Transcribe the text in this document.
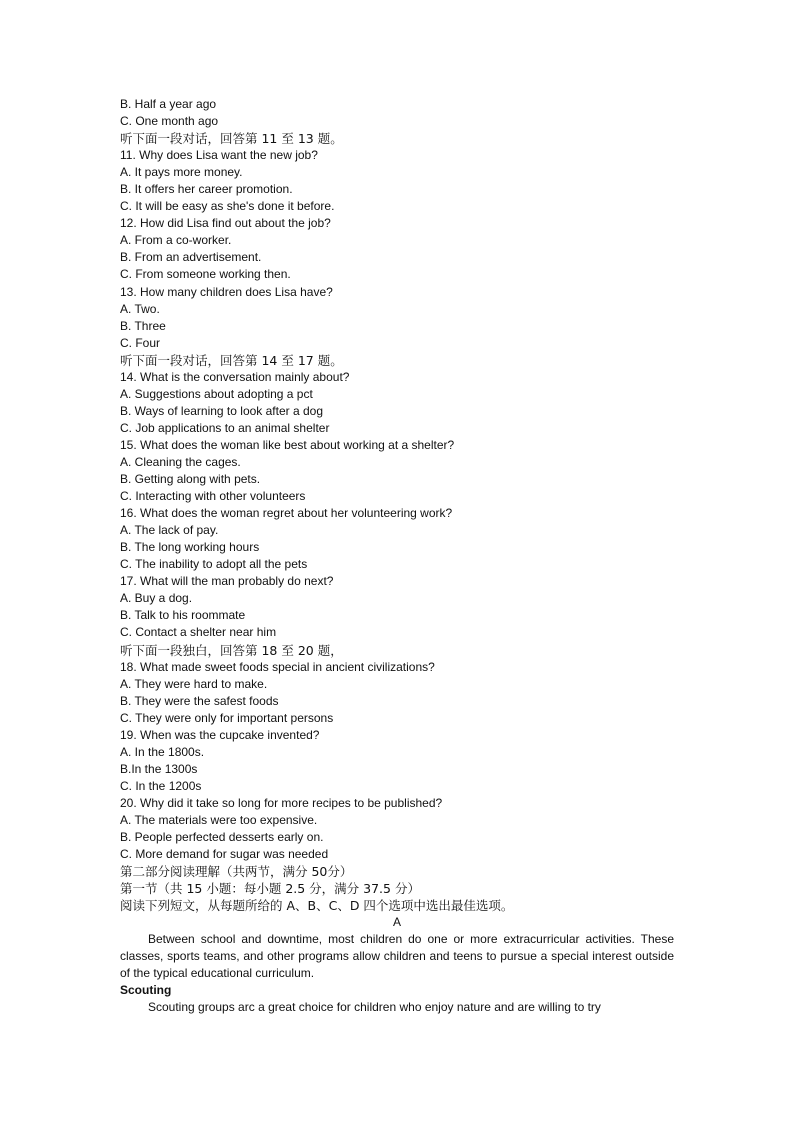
B. Half a year ago
C. One month ago
听下面一段对话，回答第 11 至 13 题。
11. Why does Lisa want the new job?
A. It pays more money.
B. It offers her career promotion.
C. It will be easy as she's done it before.
12. How did Lisa find out about the job?
A. From a co-worker.
B. From an advertisement.
C. From someone working then.
13. How many children does Lisa have?
A. Two.
B. Three
C. Four
听下面一段对话，回答第 14 至 17 题。
14. What is the conversation mainly about?
A. Suggestions about adopting a pct
B. Ways of learning to look after a dog
C. Job applications to an animal shelter
15. What does the woman like best about working at a shelter?
A. Cleaning the cages.
B. Getting along with pets.
C. Interacting with other volunteers
16. What does the woman regret about her volunteering work?
A. The lack of pay.
B. The long working hours
C. The inability to adopt all the pets
17. What will the man probably do next?
A. Buy a dog.
B. Talk to his roommate
C. Contact a shelter near him
听下面一段独白，回答第 18 至 20 题，
18. What made sweet foods special in ancient civilizations?
A. They were hard to make.
B. They were the safest foods
C. They were only for important persons
19. When was the cupcake invented?
A. In the 1800s.
B.In the 1300s
C. In the 1200s
20. Why did it take so long for more recipes to be published?
A. The materials were too expensive.
B. People perfected desserts early on.
C. More demand for sugar was needed
第二部分阅读理解（共两节，满分 50分）
第一节（共 15 小题：每小题 2.5 分，满分 37.5 分）
阅读下列短文，从每题所给的 A、B、C、D 四个选项中选出最佳选项。
A
Between school and downtime, most children do one or more extracurricular activities. These classes, sports teams, and other programs allow children and teens to pursue a special interest outside of the typical educational curriculum.
Scouting
Scouting groups arc a great choice for children who enjoy nature and are willing to try
